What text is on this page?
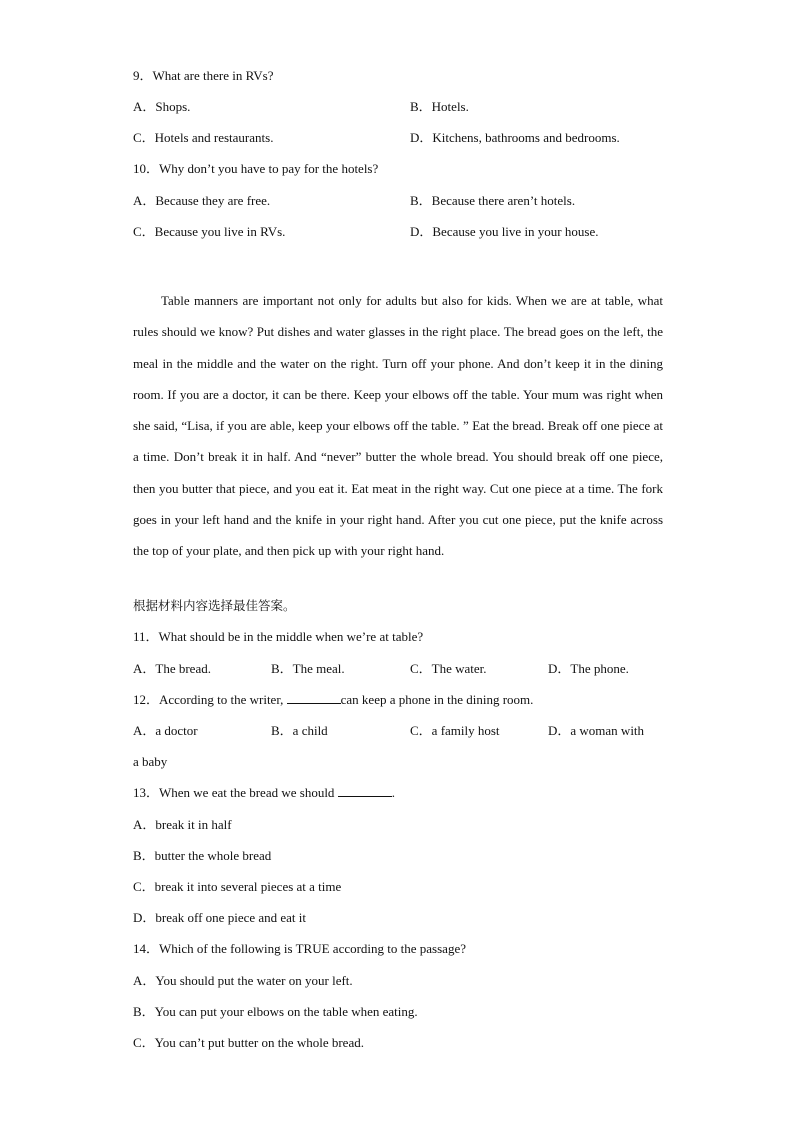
9．What are there in RVs?
A．Shops.	B．Hotels.
C．Hotels and restaurants.	D．Kitchens, bathrooms and bedrooms.
10．Why don’t you have to pay for the hotels?
A．Because they are free.	B．Because there aren’t hotels.
C．Because you live in RVs.	D．Because you live in your house.

Table manners are important not only for adults but also for kids. When we are at table, what rules should we know? Put dishes and water glasses in the right place. The bread goes on the left, the meal in the middle and the water on the right. Turn off your phone. And don’t keep it in the dining room. If you are a doctor, it can be there. Keep your elbows off the table. Your mum was right when she said, “Lisa, if you are able, keep your elbows off the table. ” Eat the bread. Break off one piece at a time. Don’t break it in half. And “never” butter the whole bread. You should break off one piece, then you butter that piece, and you eat it. Eat meat in the right way. Cut one piece at a time. The fork goes in your left hand and the knife in your right hand. After you cut one piece, put the knife across the top of your plate, and then pick up with your right hand.

根据材料内容选择最佳答案。
11．What should be in the middle when we’re at table?
A．The bread.	B．The meal.	C．The water.	D．The phone.
12．According to the writer,	can keep a phone in the dining room.
A．a doctor	B．a child	C．a family host	D．a woman with
a baby
13．When we eat the bread we should	.
A．break it in half
B．butter the whole bread
C．break it into several pieces at a time
D．break off one piece and eat it
14．Which of the following is TRUE according to the passage?
A．You should put the water on your left.
B．You can put your elbows on the table when eating.
C．You can’t put butter on the whole bread.
